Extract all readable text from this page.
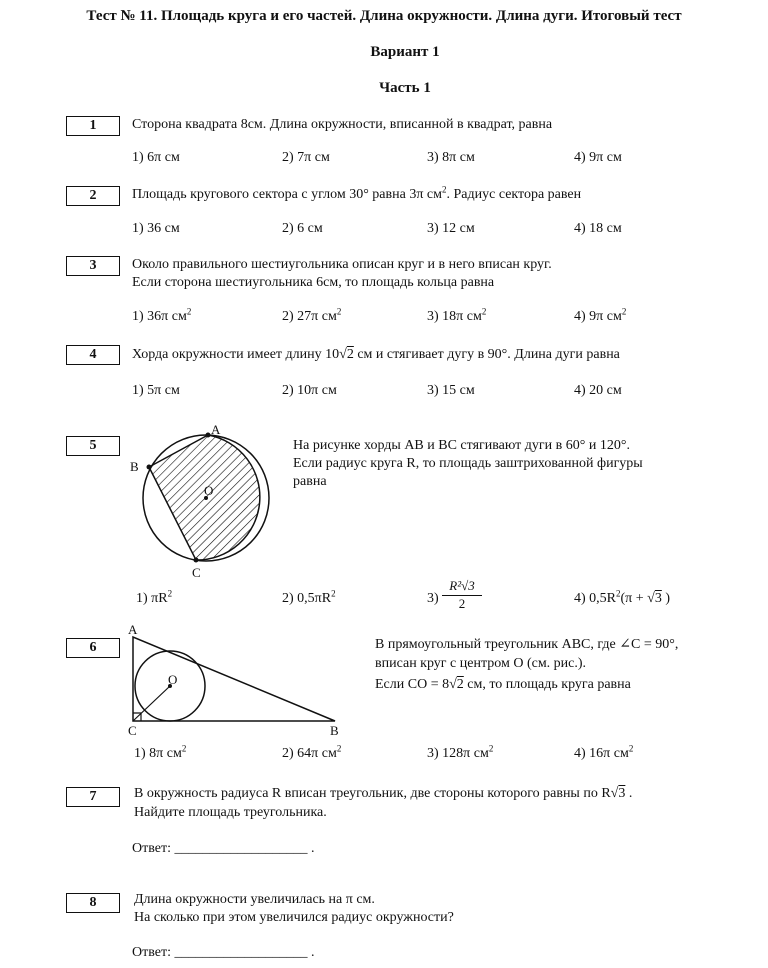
Тест № 11. Площадь круга и его частей. Длина окружности. Длина дуги. Итоговый тест
Вариант 1
Часть 1
1	Сторона квадрата 8см. Длина окружности, вписанной в квадрат, равна
1) 6π см	2) 7π см	3) 8π см	4) 9π см
2	Площадь кругового сектора с углом 30° равна 3π $см^2$. Радиус сектора равен
1) 36 см	2) 6 см	3) 12 см	4) 18 см
3	Около правильного шестиугольника описан круг и в него вписан круг.
Если сторона шестиугольника 6см, то площадь кольца равна
1) 36π $см^2$	2) 27π $см^2$	3) 18π $см^2$	4) 9π $см^2$
4	Хорда окружности имеет длину 10√2 см и стягивает дугу в 90°. Длина дуги равна
1) 5π см	2) 10π см	3) 15 см	4) 20 см
5
A
B
C
O
На рисунке хорды AB и BC стягивают дуги в 60° и 120°.
Если радиус круга R, то площадь заштрихованной фигуры
равна
1) $\pi R^2$	2) $0,5\pi R^2$	$3) \frac{\text{R²√3}}{2}$	4) $0,5R^2(\pi + √3$ )
6
A
C	B
O
В прямоугольный треугольник ABC, где ∠C = 90°,
вписан круг с центром O (см. рис.).
Если CO = 8√2 см, то площадь круга равна
1) 8π $см^2$	2) 64π $см^2$	3) 128π $см^2$	4) 16π $см^2$
7	В окружность радиуса R вписан треугольник, две стороны которого равны по R√3 .
Найдите площадь треугольника.
Ответ: ___________________ .
8	Длина окружности увеличилась на π см.
На сколько при этом увеличился радиус окружности?
Ответ: ___________________ .
